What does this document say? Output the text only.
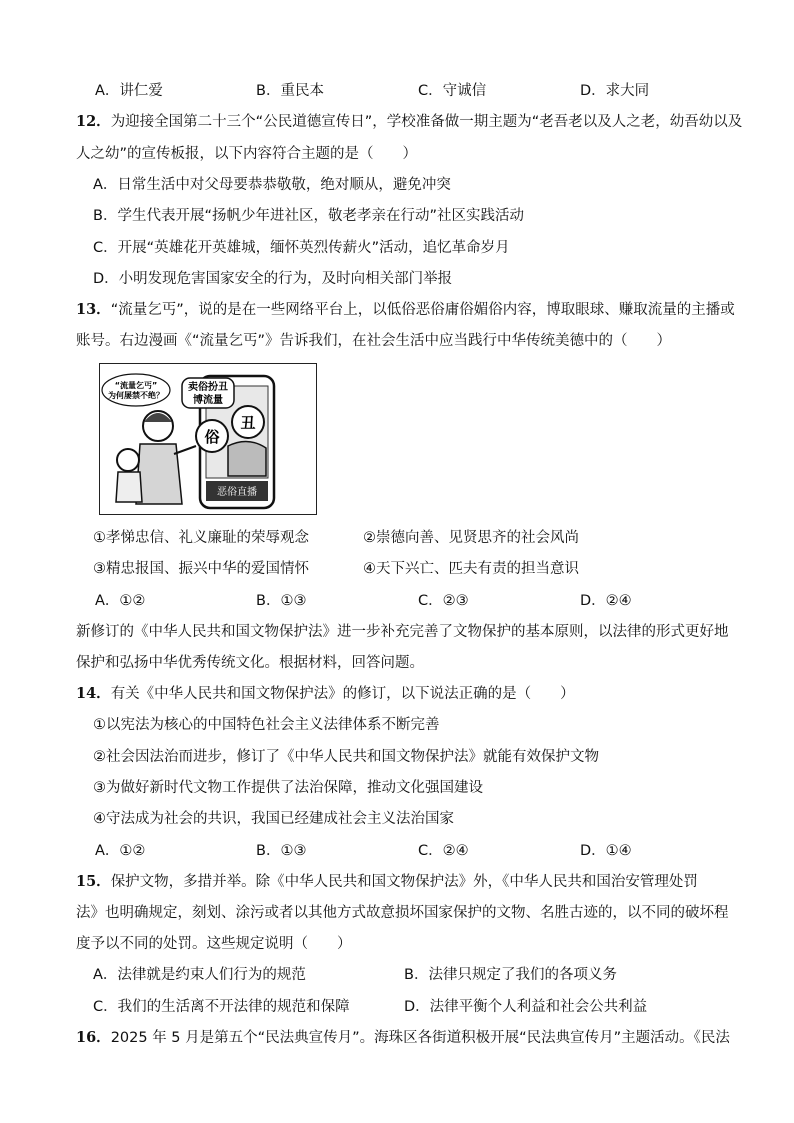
A．讲仁爱	B．重民本	C．守诚信	D．求大同
12．为迎接全国第二十三个“公民道德宣传日”，学校准备做一期主题为“老吾老以及人之老，幼吾幼以及
人之幼”的宣传板报，以下内容符合主题的是（　　）
A．日常生活中对父母要恭恭敬敬，绝对顺从，避免冲突
B．学生代表开展“扬帆少年进社区，敬老孝亲在行动”社区实践活动
C．开展“英雄花开英雄城，缅怀英烈传薪火”活动，追忆革命岁月
D．小明发现危害国家安全的行为，及时向相关部门举报
13．“流量乞丐”，说的是在一些网络平台上，以低俗恶俗庸俗媚俗内容，博取眼球、赚取流量的主播或
账号。右边漫画《“流量乞丐”》告诉我们，在社会生活中应当践行中华传统美德中的（　　）
恶俗直播
丑
俗
“流量乞丐”
为何屡禁不绝？
卖俗扮丑
博流量
①孝悌忠信、礼义廉耻的荣辱观念	②崇德向善、见贤思齐的社会风尚
③精忠报国、振兴中华的爱国情怀	④天下兴亡、匹夫有责的担当意识
A．①②	B．①③	C．②③	D．②④
新修订的《中华人民共和国文物保护法》进一步补充完善了文物保护的基本原则，以法律的形式更好地
保护和弘扬中华优秀传统文化。根据材料，回答问题。
14．有关《中华人民共和国文物保护法》的修订，以下说法正确的是（　　）
①以宪法为核心的中国特色社会主义法律体系不断完善
②社会因法治而进步，修订了《中华人民共和国文物保护法》就能有效保护文物
③为做好新时代文物工作提供了法治保障，推动文化强国建设
④守法成为社会的共识，我国已经建成社会主义法治国家
A．①②	B．①③	C．②④	D．①④
15．保护文物，多措并举。除《中华人民共和国文物保护法》外，《中华人民共和国治安管理处罚
法》也明确规定，刻划、涂污或者以其他方式故意损坏国家保护的文物、名胜古迹的，以不同的破坏程
度予以不同的处罚。这些规定说明（　　）
A．法律就是约束人们行为的规范	B．法律只规定了我们的各项义务
C．我们的生活离不开法律的规范和保障	D．法律平衡个人利益和社会公共利益
16．2025 年 5 月是第五个“民法典宣传月”。海珠区各街道积极开展“民法典宣传月”主题活动。《民法
